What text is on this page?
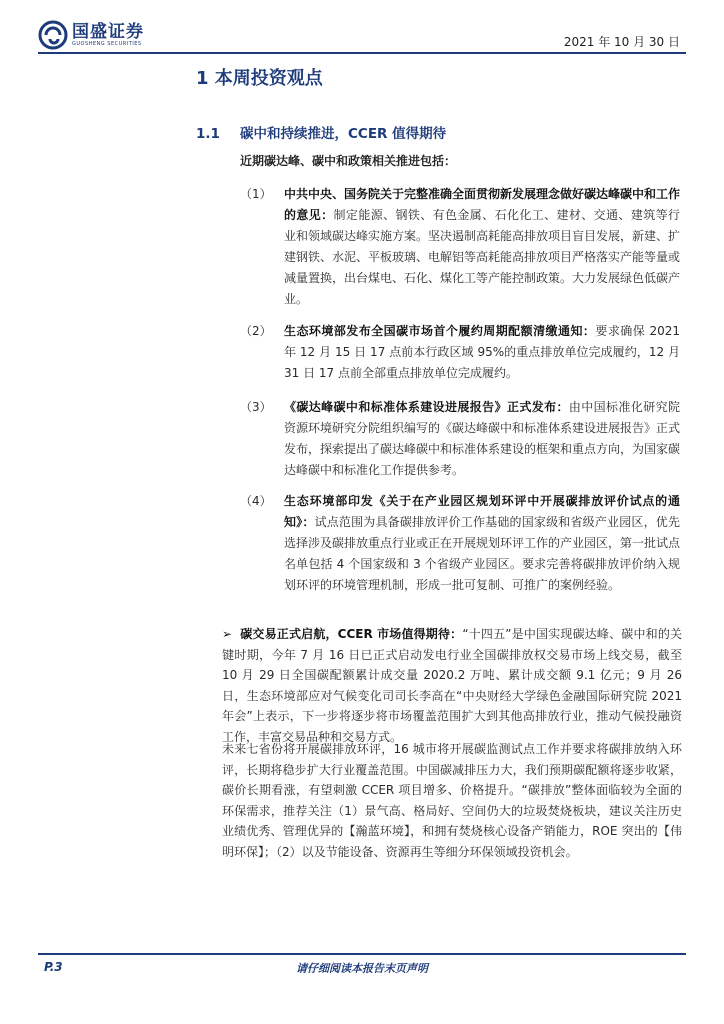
国盛证券
GUOSHENG SECURITIES	2021 年 10 月 30 日
1 本周投资观点
1.1 碳中和持续推进，CCER 值得期待
近期碳达峰、碳中和政策相关推进包括：
（1）	中共中央、国务院关于完整准确全面贯彻新发展理念做好碳达峰碳中和工作的意见：制定能源、钢铁、有色金属、石化化工、建材、交通、建筑等行业和领域碳达峰实施方案。坚决遏制高耗能高排放项目盲目发展，新建、扩建钢铁、水泥、平板玻璃、电解铝等高耗能高排放项目严格落实产能等量或减量置换，出台煤电、石化、煤化工等产能控制政策。大力发展绿色低碳产业。
（2）	生态环境部发布全国碳市场首个履约周期配额清缴通知：要求确保 2021 年 12 月 15 日 17 点前本行政区域 95%的重点排放单位完成履约，12 月 31 日 17 点前全部重点排放单位完成履约。
（3）	《碳达峰碳中和标准体系建设进展报告》正式发布：由中国标准化研究院资源环境研究分院组织编写的《碳达峰碳中和标准体系建设进展报告》正式发布，探索提出了碳达峰碳中和标准体系建设的框架和重点方向，为国家碳达峰碳中和标准化工作提供参考。
（4）	生态环境部印发《关于在产业园区规划环评中开展碳排放评价试点的通知》：试点范围为具备碳排放评价工作基础的国家级和省级产业园区，优先选择涉及碳排放重点行业或正在开展规划环评工作的产业园区，第一批试点名单包括 4 个国家级和 3 个省级产业园区。要求完善将碳排放评价纳入规划环评的环境管理机制，形成一批可复制、可推广的案例经验。
➢ 碳交易正式启航，CCER 市场值得期待：“十四五”是中国实现碳达峰、碳中和的关键时期，今年 7 月 16 日已正式启动发电行业全国碳排放权交易市场上线交易，截至 10 月 29 日全国碳配额累计成交量 2020.2 万吨、累计成交额 9.1 亿元；9 月 26 日，生态环境部应对气候变化司司长李高在“中央财经大学绿色金融国际研究院 2021 年会”上表示，下一步将逐步将市场覆盖范围扩大到其他高排放行业，推动气候投融资工作，丰富交易品种和交易方式。
未来七省份将开展碳排放环评，16 城市将开展碳监测试点工作并要求将碳排放纳入环评，长期将稳步扩大行业覆盖范围。中国碳减排压力大，我们预期碳配额将逐步收紧，碳价长期看涨，有望刺激 CCER 项目增多、价格提升。“碳排放”整体面临较为全面的环保需求，推荐关注（1）景气高、格局好、空间仍大的垃圾焚烧板块，建议关注历史业绩优秀、管理优异的【瀚蓝环境】，和拥有焚烧核心设备产销能力，ROE 突出的【伟明环保】；（2）以及节能设备、资源再生等细分环保领域投资机会。
P.3	请仔细阅读本报告末页声明
